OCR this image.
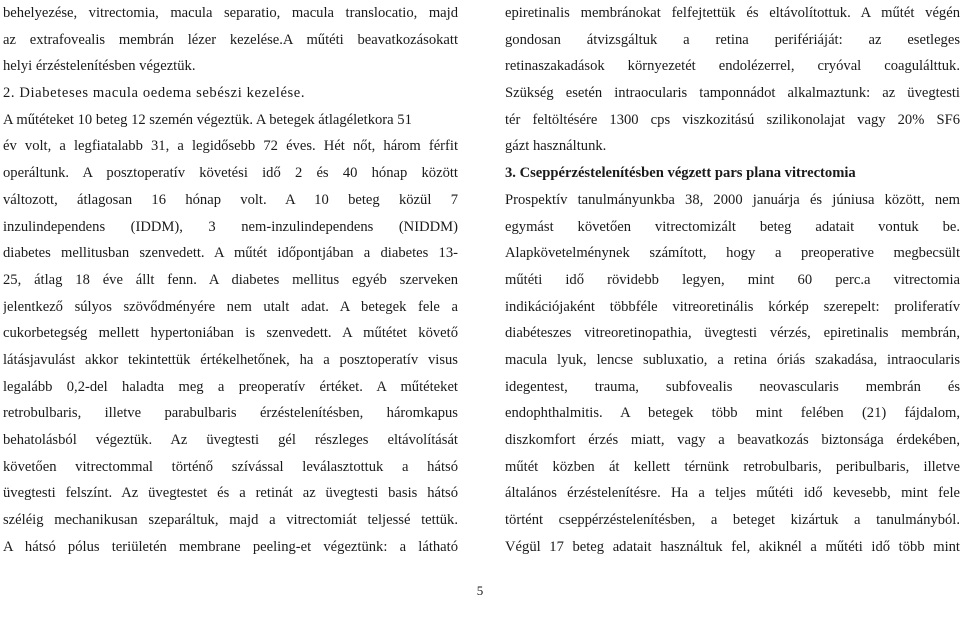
behelyezése, vitrectomia, macula separatio, macula translocatio, majd
az extrafovealis membrán lézer kezelése.A műtéti beavatkozásokatt
helyi érzéstelenítésben végeztük.
2. Diabeteses macula oedema sebészi kezelése.
A műtéteket 10 beteg 12 szemén végeztük. A betegek átlagéletkora 51
év volt, a legfiatalabb 31, a legidősebb 72 éves. Hét nőt, három férfit
operáltunk. A posztoperatív követési idő 2 és 40 hónap között
változott, átlagosan 16 hónap volt. A 10 beteg közül 7
inzulindependens (IDDM), 3 nem-inzulindependens (NIDDM)
diabetes mellitusban szenvedett. A műtét időpontjában a diabetes 13-
25, átlag 18 éve állt fenn. A diabetes mellitus egyéb szerveken
jelentkező súlyos szövődményére nem utalt adat. A betegek fele a
cukorbetegség mellett hypertoniában is szenvedett. A műtétet követő
látásjavulást akkor tekintettük értékelhetőnek, ha a posztoperatív visus
legalább 0,2-del haladta meg a preoperatív értéket. A műtéteket
retrobulbaris, illetve parabulbaris érzéstelenítésben, háromkapus
behatolásból végeztük. Az üvegtesti gél részleges eltávolítását
követően vitrectommal történő szívással leválasztottuk a hátsó
üvegtesti felszínt. Az üvegtestet és a retinát az üvegtesti basis hátsó
széléig mechanikusan szeparáltuk, majd a vitrectomiát teljessé tettük.
A hátsó pólus teriületén membrane peeling-et végeztünk: a látható
epiretinalis membránokat felfejtettük és eltávolítottuk. A műtét végén
gondosan átvizsgáltuk a retina perifériáját: az esetleges
retinaszakadások környezetét endolézerrel, cryóval coagulálttuk.
Szükség esetén intraocularis tamponnádot alkalmaztunk: az üvegtesti
tér feltöltésére 1300 cps viszkozitású szilikonolajat vagy 20% SF6
gázt használtunk.
3. Cseppérzéstelenítésben végzett pars plana vitrectomia
Prospektív tanulmányunkba 38, 2000 januárja és júniusa között, nem
egymást követően vitrectomizált beteg adatait vontuk be.
Alapkövetelménynek számított, hogy a preoperative megbecsült
műtéti idő rövidebb legyen, mint 60 perc.a vitrectomia
indikációjaként többféle vitreoretinális kórkép szerepelt: proliferatív
diabéteszes vitreoretinopathia, üvegtesti vérzés, epiretinalis membrán,
macula lyuk, lencse subluxatio, a retina óriás szakadása, intraocularis
idegentest, trauma, subfovealis neovascularis membrán és
endophthalmitis. A betegek több mint felében (21) fájdalom,
diszkomfort érzés miatt, vagy a beavatkozás biztonsága érdekében,
műtét közben át kellett térnünk retrobulbaris, peribulbaris, illetve
általános érzéstelenítésre. Ha a teljes műtéti idő kevesebb, mint fele
történt cseppérzéstelenítésben, a beteget kizártuk a tanulmányból.
Végül 17 beteg adatait használtuk fel, akiknél a műtéti idő több mint
5
